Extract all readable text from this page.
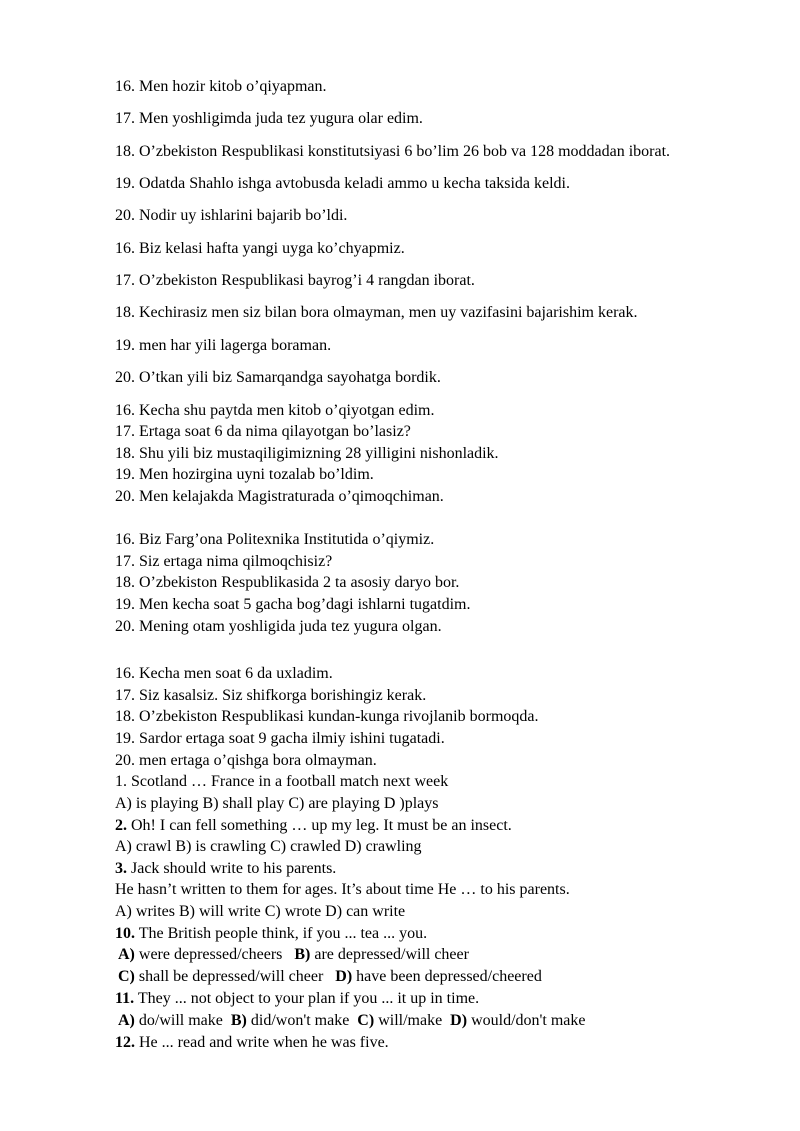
16. Men hozir kitob o’qiyapman.
17. Men yoshligimda juda tez yugura olar edim.
18. O’zbekiston Respublikasi konstitutsiyasi 6 bo’lim 26 bob va 128 moddadan iborat.
19. Odatda Shahlo ishga avtobusda keladi ammo u kecha taksida keldi.
20. Nodir uy ishlarini bajarib bo’ldi.
16. Biz kelasi hafta yangi uyga ko’chyapmiz.
17. O’zbekiston Respublikasi bayrog’i 4 rangdan iborat.
18. Kechirasiz men siz bilan bora olmayman, men uy vazifasini bajarishim kerak.
19. men har yili lagerga boraman.
20. O’tkan yili biz Samarqandga sayohatga bordik.
16. Kecha shu paytda men kitob o’qiyotgan edim.
17. Ertaga soat 6 da nima qilayotgan bo’lasiz?
18. Shu yili biz mustaqiligimizning 28 yilligini nishonladik.
19. Men hozirgina uyni tozalab bo’ldim.
20. Men kelajakda Magistraturada o’qimoqchiman.
16. Biz Farg’ona Politexnika Institutida o’qiymiz.
17. Siz ertaga nima qilmoqchisiz?
18. O’zbekiston Respublikasida 2 ta asosiy daryo bor.
19. Men kecha soat 5 gacha bog’dagi ishlarni tugatdim.
20. Mening otam yoshligida juda tez yugura olgan.
16. Kecha men soat 6 da uxladim.
17. Siz kasalsiz. Siz shifkorga borishingiz kerak.
18. O’zbekiston Respublikasi kundan-kunga rivojlanib bormoqda.
19. Sardor ertaga soat 9 gacha ilmiy ishini tugatadi.
20. men ertaga o’qishga bora olmayman.
1. Scotland … France in a football match next week
A) is playing B) shall play C) are playing D )plays
2. Oh! I can fell something … up my leg. It must be an insect.
A) crawl B) is crawling C) crawled D) crawling
3. Jack should write to his parents.
He hasn’t written to them for ages. It’s about time He … to his parents.
A) writes B) will write C) wrote D) can write
10. The British people think, if you ... tea ... you.
A) were depressed/cheers B) are depressed/will cheer
C) shall be depressed/will cheer D) have been depressed/cheered
11. They ... not object to your plan if you ... it up in time.
A) do/will make B) did/won't make C) will/make D) would/don't make
12. He ... read and write when he was five.
